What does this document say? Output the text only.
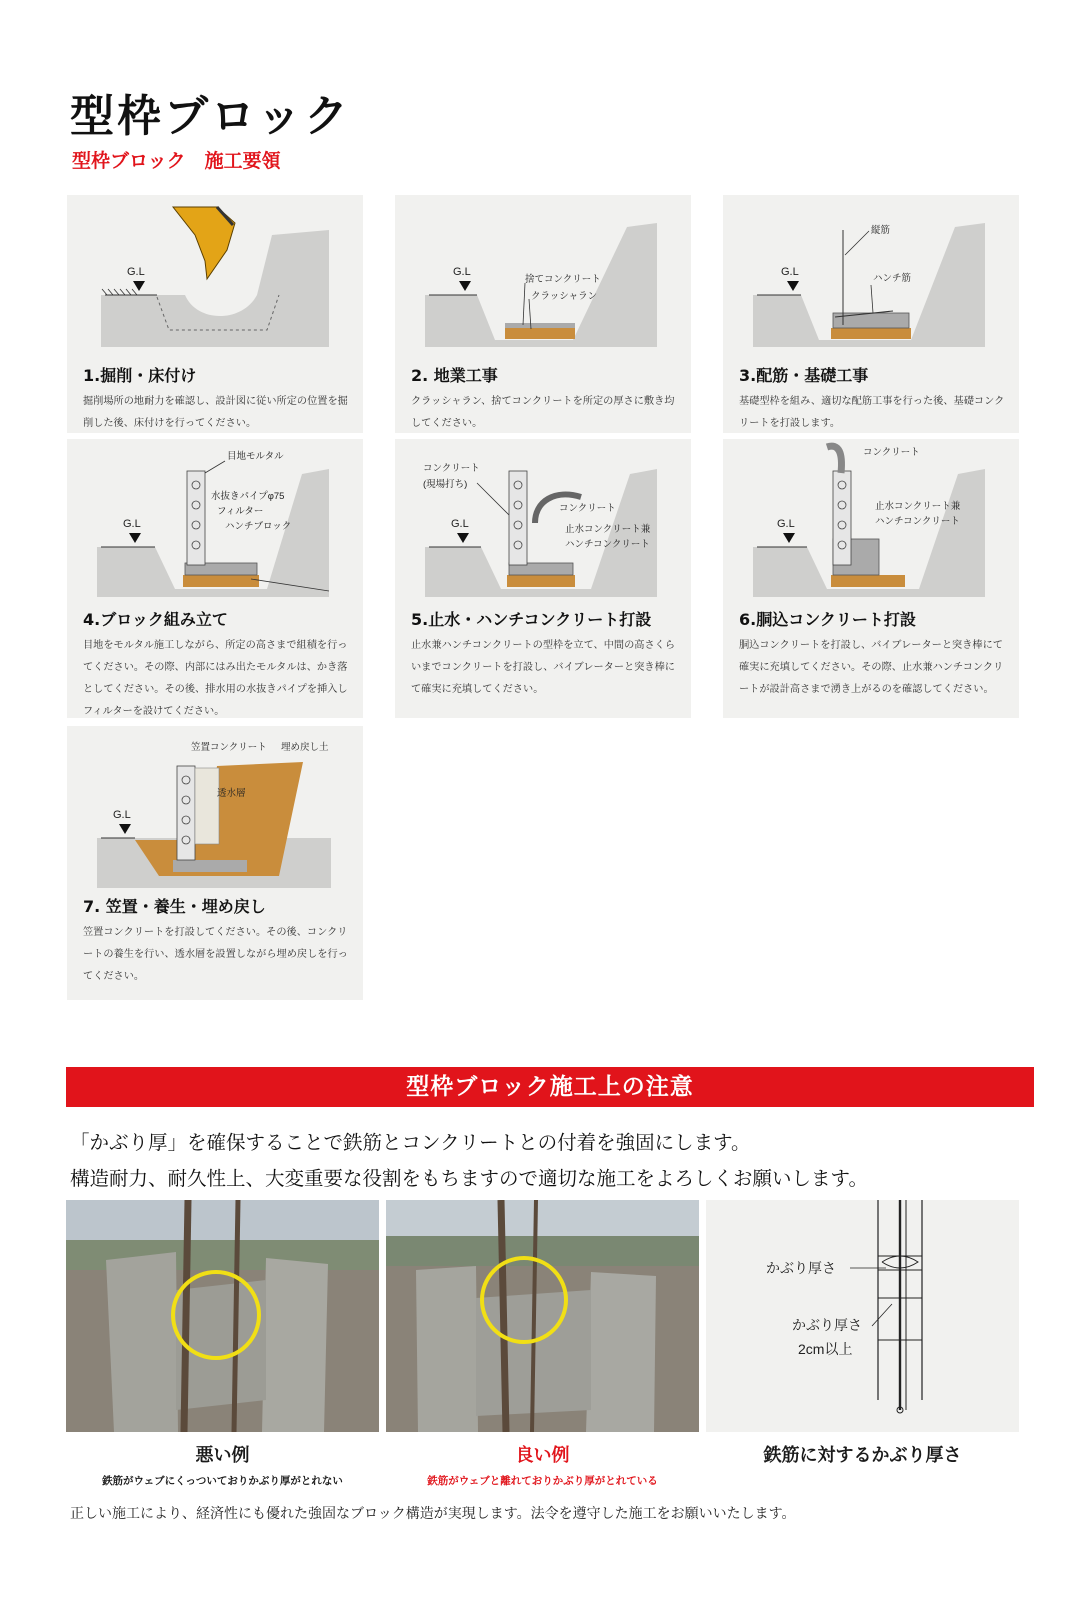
型枠ブロック
型枠ブロック　施工要領
G.L
1.掘削・床付け
掘削場所の地耐力を確認し、設計図に従い所定の位置を掘削した後、床付けを行ってください。
G.L
捨てコンクリート
クラッシャラン
2. 地業工事
クラッシャラン、捨てコンクリートを所定の厚さに敷き均してください。
G.L
縦筋
ハンチ筋
3.配筋・基礎工事
基礎型枠を組み、適切な配筋工事を行った後、基礎コンクリートを打設します。
G.L
目地モルタル
水抜きパイプφ75
フィルター
ハンチブロック
4.ブロック組み立て
目地をモルタル施工しながら、所定の高さまで組積を行ってください。その際、内部にはみ出たモルタルは、かき落としてください。その後、排水用の水抜きパイプを挿入しフィルターを設けてください。
G.L
コンクリート
(現場打ち)
コンクリート
止水コンクリート兼
ハンチコンクリート
5.止水・ハンチコンクリート打設
止水兼ハンチコンクリートの型枠を立て、中間の高さくらいまでコンクリートを打設し、バイブレーターと突き棒にて確実に充填してください。
G.L
コンクリート
止水コンクリート兼
ハンチコンクリート
6.胴込コンクリート打設
胴込コンクリートを打設し、バイブレーターと突き棒にて確実に充填してください。その際、止水兼ハンチコンクリートが設計高さまで湧き上がるのを確認してください。
G.L
笠置コンクリート 埋め戻し土
透水層
7. 笠置・養生・埋め戻し
笠置コンクリートを打設してください。その後、コンクリートの養生を行い、透水層を設置しながら埋め戻しを行ってください。
型枠ブロック施工上の注意
「かぶり厚」を確保することで鉄筋とコンクリートとの付着を強固にします。
構造耐力、耐久性上、大変重要な役割をもちますので適切な施工をよろしくお願いします。
かぶり厚さ
かぶり厚さ
2cm以上
悪い例
鉄筋がウェブにくっついておりかぶり厚がとれない
良い例
鉄筋がウェブと離れておりかぶり厚がとれている
鉄筋に対するかぶり厚さ
正しい施工により、経済性にも優れた強固なブロック構造が実現します。法令を遵守した施工をお願いいたします。
